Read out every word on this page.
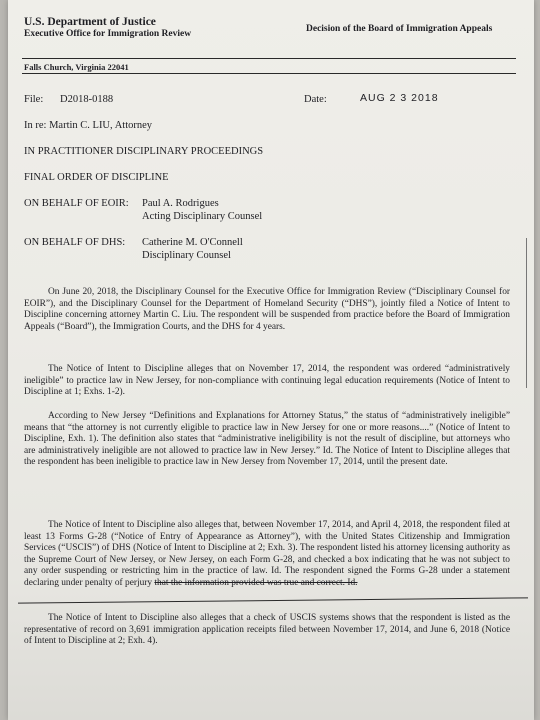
U.S. Department of Justice
Executive Office for Immigration Review	Decision of the Board of Immigration Appeals
Falls Church, Virginia 22041
File: D2018-0188	Date:	AUG 2 3 2018
In re: Martin C. LIU, Attorney
IN PRACTITIONER DISCIPLINARY PROCEEDINGS
FINAL ORDER OF DISCIPLINE
ON BEHALF OF EOIR: Paul A. Rodrigues
Acting Disciplinary Counsel
ON BEHALF OF DHS: Catherine M. O'Connell
Disciplinary Counsel

On June 20, 2018, the Disciplinary Counsel for the Executive Office for Immigration Review (“Disciplinary Counsel for EOIR”), and the Disciplinary Counsel for the Department of Homeland Security (“DHS”), jointly filed a Notice of Intent to Discipline concerning attorney Martin C. Liu. The respondent will be suspended from practice before the Board of Immigration Appeals (“Board”), the Immigration Courts, and the DHS for 4 years.

The Notice of Intent to Discipline alleges that on November 17, 2014, the respondent was ordered “administratively ineligible” to practice law in New Jersey, for non-compliance with continuing legal education requirements (Notice of Intent to Discipline at 1; Exhs. 1-2).

According to New Jersey “Definitions and Explanations for Attorney Status,” the status of “administratively ineligible” means that “the attorney is not currently eligible to practice law in New Jersey for one or more reasons....” (Notice of Intent to Discipline, Exh. 1). The definition also states that “administrative ineligibility is not the result of discipline, but attorneys who are administratively ineligible are not allowed to practice law in New Jersey.” Id. The Notice of Intent to Discipline alleges that the respondent has been ineligible to practice law in New Jersey from November 17, 2014, until the present date.

The Notice of Intent to Discipline also alleges that, between November 17, 2014, and April 4, 2018, the respondent filed at least 13 Forms G-28 (“Notice of Entry of Appearance as Attorney”), with the United States Citizenship and Immigration Services (“USCIS”) of DHS (Notice of Intent to Discipline at 2; Exh. 3). The respondent listed his attorney licensing authority as the Supreme Court of New Jersey, or New Jersey, on each Form G-28, and checked a box indicating that he was not subject to any order suspending or restricting him in the practice of law. Id. The respondent signed the Forms G-28 under a statement declaring under penalty of perjury that the information provided was true and correct. Id.

The Notice of Intent to Discipline also alleges that a check of USCIS systems shows that the respondent is listed as the representative of record on 3,691 immigration application receipts filed between November 17, 2014, and June 6, 2018 (Notice of Intent to Discipline at 2; Exh. 4).
